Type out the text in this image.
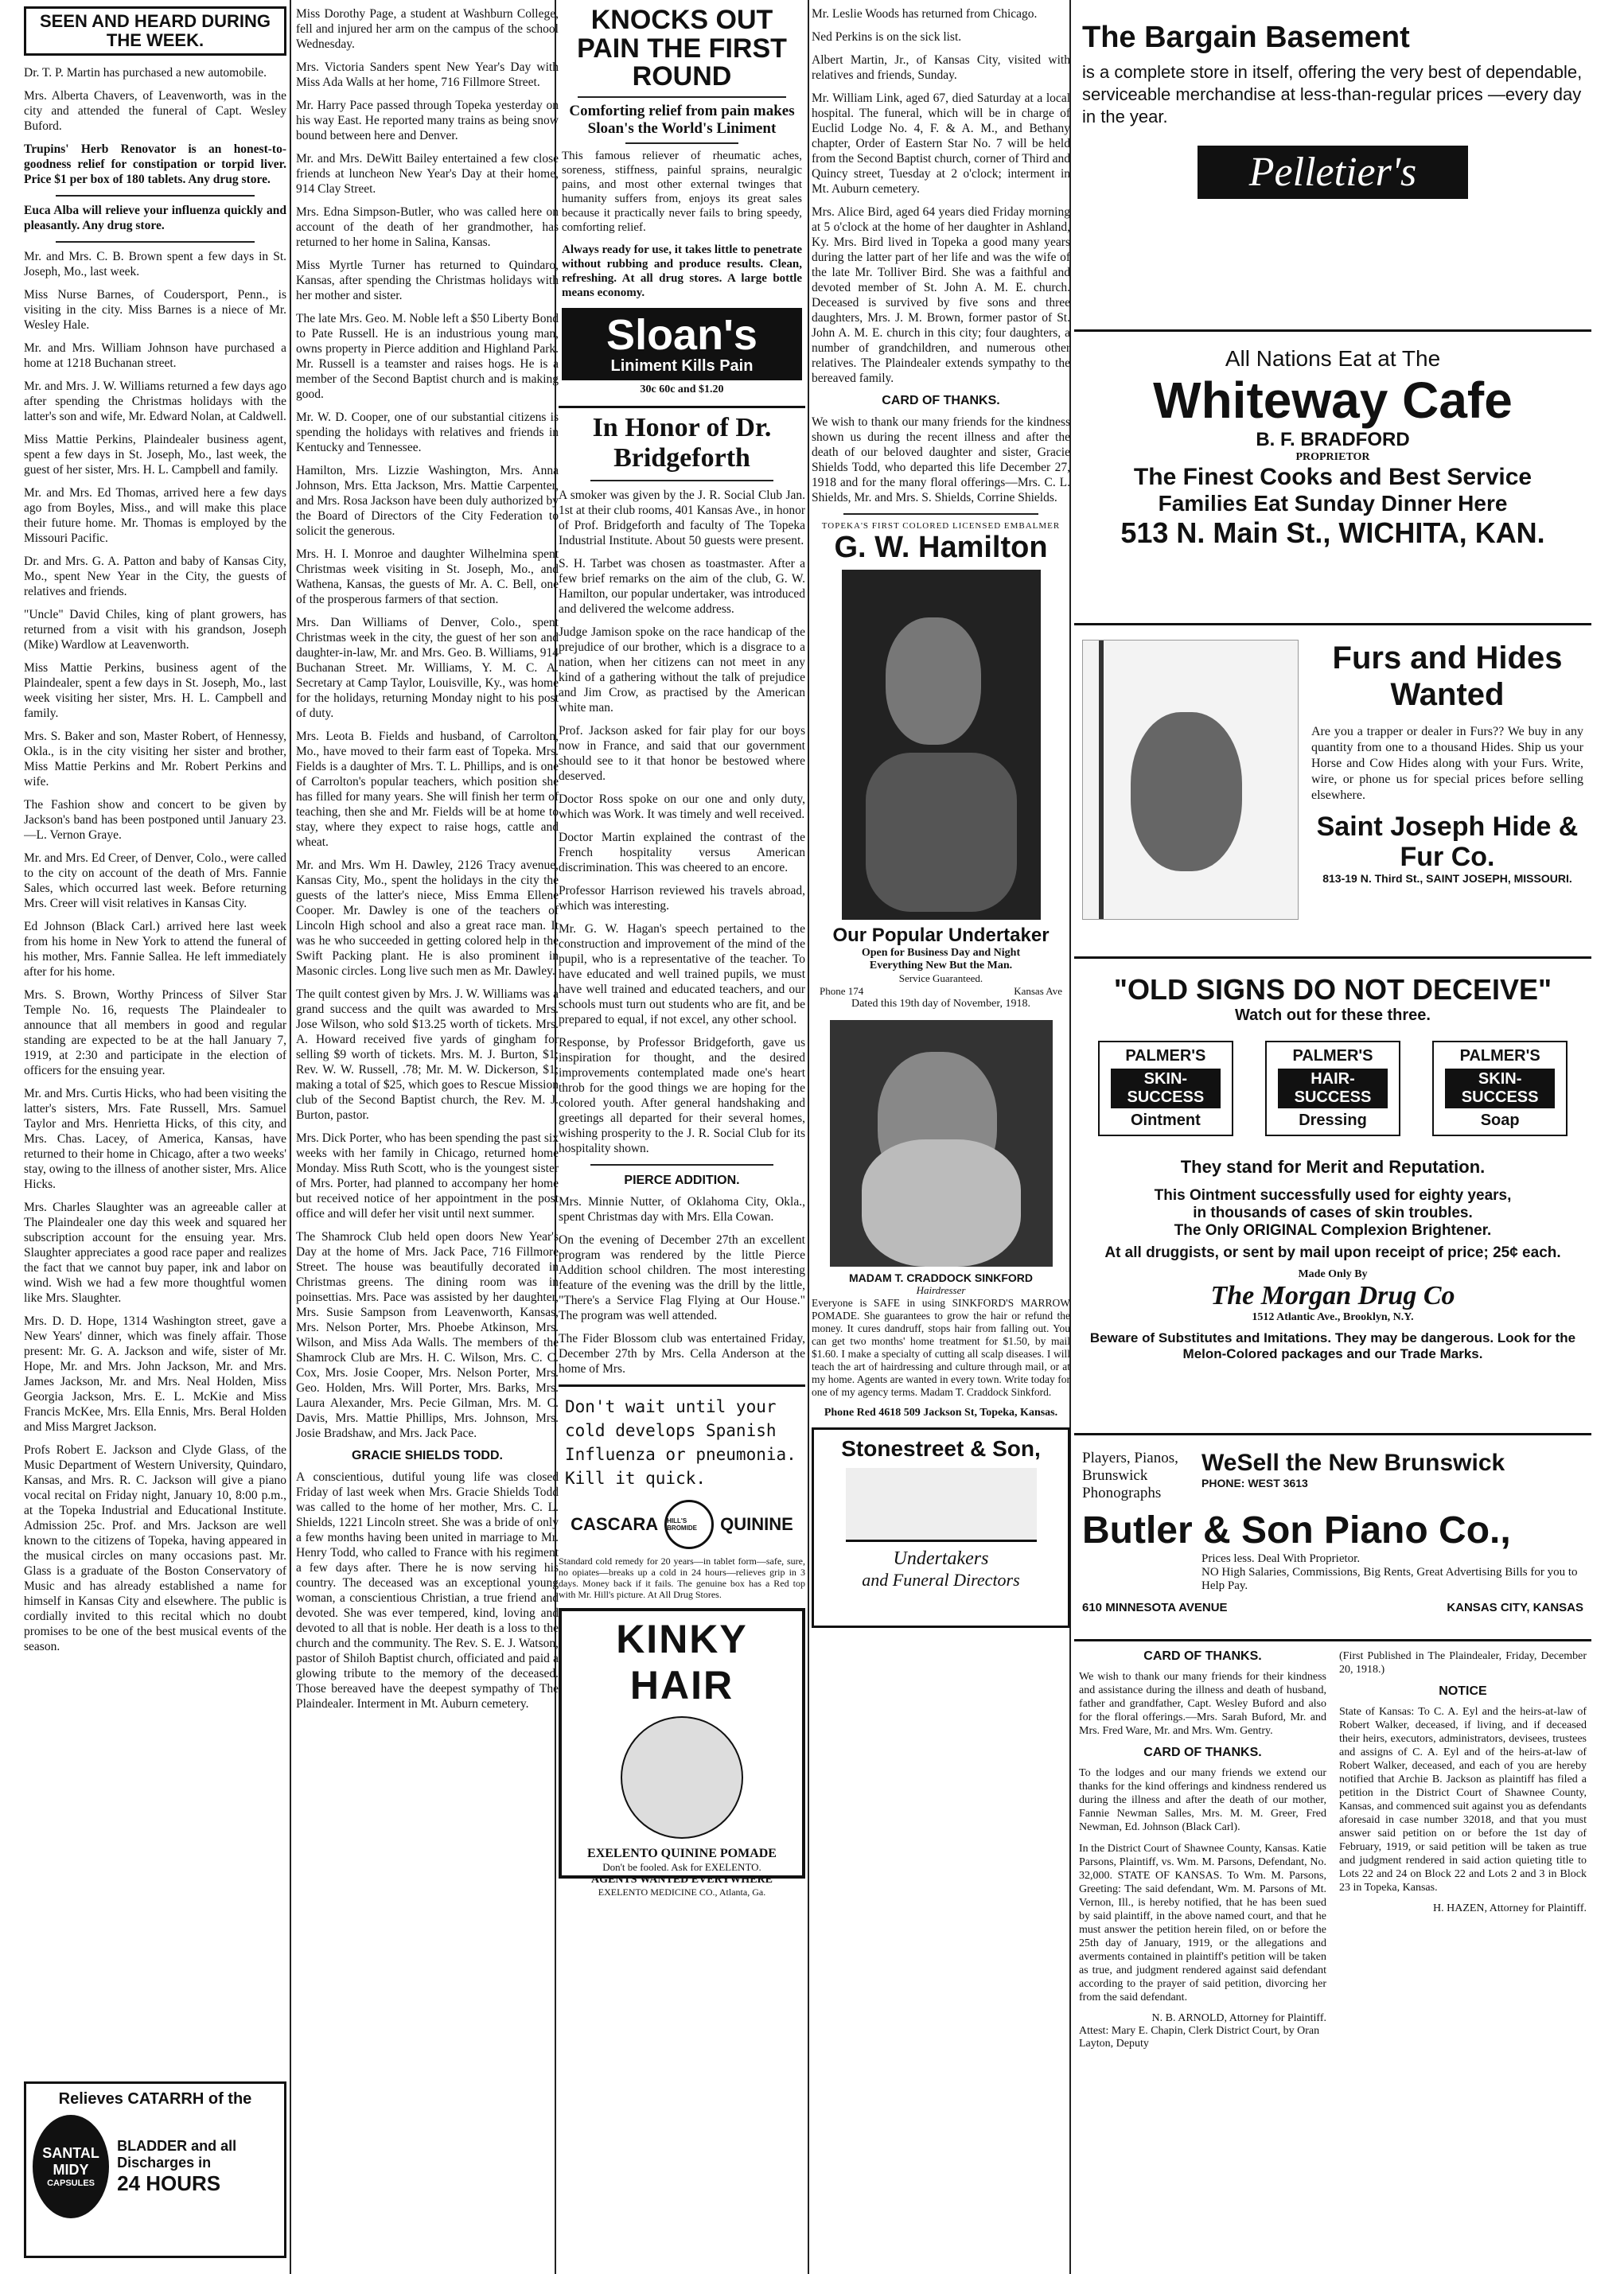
SEEN AND HEARD DURING THE WEEK.

Dr. T. P. Martin has purchased a new automobile.

Mrs. Alberta Chavers, of Leavenworth, was in the city and attended the funeral of Capt. Wesley Buford.

Trupins' Herb Renovator is an honest-to-goodness relief for constipation or torpid liver. Price $1 per box of 180 tablets. Any drug store.

Euca Alba will relieve your influenza quickly and pleasantly. Any drug store.

Mr. and Mrs. C. B. Brown spent a few days in St. Joseph, Mo., last week.

Miss Nurse Barnes, of Coudersport, Penn., is visiting in the city. Miss Barnes is a niece of Mr. Wesley Hale.

Mr. and Mrs. William Johnson have purchased a home at 1218 Buchanan street.

Mr. and Mrs. J. W. Williams returned a few days ago after spending the Christmas holidays with the latter's son and wife, Mr. Edward Nolan, at Caldwell.

Miss Mattie Perkins, Plaindealer business agent, spent a few days in St. Joseph, Mo., last week, the guest of her sister, Mrs. H. L. Campbell and family.

Mr. and Mrs. Ed Thomas, arrived here a few days ago from Boyles, Miss., and will make this place their future home. Mr. Thomas is employed by the Missouri Pacific.

Dr. and Mrs. G. A. Patton and baby of Kansas City, Mo., spent New Year in the City, the guests of relatives and friends.

"Uncle" David Chiles, king of plant growers, has returned from a visit with his grandson, Joseph (Mike) Wardlow at Leavenworth.

Miss Mattie Perkins, business agent of the Plaindealer, spent a few days in St. Joseph, Mo., last week visiting her sister, Mrs. H. L. Campbell and family.

Mrs. S. Baker and son, Master Robert, of Hennessy, Okla., is in the city visiting her sister and brother, Miss Mattie Perkins and Mr. Robert Perkins and wife.

The Fashion show and concert to be given by Jackson's band has been postponed until January 23.—L. Vernon Graye.

Mr. and Mrs. Ed Creer, of Denver, Colo., were called to the city on account of the death of Mrs. Fannie Sales, which occurred last week. Before returning Mrs. Creer will visit relatives in Kansas City.

Ed Johnson (Black Carl.) arrived here last week from his home in New York to attend the funeral of his mother, Mrs. Fannie Sallea. He left immediately after for his home.

Mrs. S. Brown, Worthy Princess of Silver Star Temple No. 16, requests The Plaindealer to announce that all members in good and regular standing are expected to be at the hall January 7, 1919, at 2:30 and participate in the election of officers for the ensuing year.

Mr. and Mrs. Curtis Hicks, who had been visiting the latter's sisters, Mrs. Fate Russell, Mrs. Samuel Taylor and Mrs. Henrietta Hicks, of this city, and Mrs. Chas. Lacey, of America, Kansas, have returned to their home in Chicago, after a two weeks' stay, owing to the illness of another sister, Mrs. Alice Hicks.

Mrs. Charles Slaughter was an agreeable caller at The Plaindealer one day this week and squared her subscription account for the ensuing year. Mrs. Slaughter appreciates a good race paper and realizes the fact that we cannot buy paper, ink and labor on wind. Wish we had a few more thoughtful women like Mrs. Slaughter.

Mrs. D. D. Hope, 1314 Washington street, gave a New Years' dinner, which was finely affair. Those present: Mr. G. A. Jackson and wife, sister of Mr. Hope, Mr. and Mrs. John Jackson, Mr. and Mrs. James Jackson, Mr. and Mrs. Neal Holden, Miss Georgia Jackson, Mrs. E. L. McKie and Miss Francis McKee, Mrs. Ella Ennis, Mrs. Beral Holden and Miss Margret Jackson.

Profs Robert E. Jackson and Clyde Glass, of the Music Department of Western University, Quindaro, Kansas, and Mrs. R. C. Jackson will give a piano vocal recital on Friday night, January 10, 8:00 p.m., at the Topeka Industrial and Educational Institute. Admission 25c. Prof. and Mrs. Jackson are well known to the citizens of Topeka, having appeared in the musical circles on many occasions past. Mr. Glass is a graduate of the Boston Conservatory of Music and has already established a name for himself in Kansas City and elsewhere. The public is cordially invited to this recital which no doubt promises to be one of the best musical events of the season.

Relieves CATARRH of the
SANTAL MIDY
CAPSULES
BLADDER and all Discharges in
24 HOURS

Miss Dorothy Page, a student at Washburn College, fell and injured her arm on the campus of the school Wednesday.

Mrs. Victoria Sanders spent New Year's Day with Miss Ada Walls at her home, 716 Fillmore Street.

Mr. Harry Pace passed through Topeka yesterday on his way East. He reported many trains as being snow bound between here and Denver.

Mr. and Mrs. DeWitt Bailey entertained a few close friends at luncheon New Year's Day at their home, 914 Clay Street.

Mrs. Edna Simpson-Butler, who was called here on account of the death of her grandmother, has returned to her home in Salina, Kansas.

Miss Myrtle Turner has returned to Quindaro, Kansas, after spending the Christmas holidays with her mother and sister.

The late Mrs. Geo. M. Noble left a $50 Liberty Bond to Pate Russell. He is an industrious young man, owns property in Pierce addition and Highland Park. Mr. Russell is a teamster and raises hogs. He is a member of the Second Baptist church and is making good.

Mr. W. D. Cooper, one of our substantial citizens is spending the holidays with relatives and friends in Kentucky and Tennessee.

Hamilton, Mrs. Lizzie Washington, Mrs. Anna Johnson, Mrs. Etta Jackson, Mrs. Mattie Carpenter, and Mrs. Rosa Jackson have been duly authorized by the Board of Directors of the City Federation to solicit the generous.

Mrs. H. I. Monroe and daughter Wilhelmina spent Christmas week visiting in St. Joseph, Mo., and Wathena, Kansas, the guests of Mr. A. C. Bell, one of the prosperous farmers of that section.

Mrs. Dan Williams of Denver, Colo., spent Christmas week in the city, the guest of her son and daughter-in-law, Mr. and Mrs. Geo. B. Williams, 914 Buchanan Street. Mr. Williams, Y. M. C. A. Secretary at Camp Taylor, Louisville, Ky., was home for the holidays, returning Monday night to his post of duty.

Mrs. Leota B. Fields and husband, of Carrolton, Mo., have moved to their farm east of Topeka. Mrs. Fields is a daughter of Mrs. T. L. Phillips, and is one of Carrolton's popular teachers, which position she has filled for many years. She will finish her term of teaching, then she and Mr. Fields will be at home to stay, where they expect to raise hogs, cattle and wheat.

Mr. and Mrs. Wm H. Dawley, 2126 Tracy avenue, Kansas City, Mo., spent the holidays in the city the guests of the latter's niece, Miss Emma Ellene Cooper. Mr. Dawley is one of the teachers of Lincoln High school and also a great race man. It was he who succeeded in getting colored help in the Swift Packing plant. He is also prominent in Masonic circles. Long live such men as Mr. Dawley.

The quilt contest given by Mrs. J. W. Williams was a grand success and the quilt was awarded to Mrs. Jose Wilson, who sold $13.25 worth of tickets. Mrs. A. Howard received five yards of gingham for selling $9 worth of tickets. Mrs. M. J. Burton, $1; Rev. W. W. Russell, .78; Mr. M. W. Dickerson, $1; making a total of $25, which goes to Rescue Mission club of the Second Baptist church, the Rev. M. J. Burton, pastor.

Mrs. Dick Porter, who has been spending the past six weeks with her family in Chicago, returned home Monday. Miss Ruth Scott, who is the youngest sister of Mrs. Porter, had planned to accompany her home but received notice of her appointment in the post office and will defer her visit until next summer.

The Shamrock Club held open doors New Year's Day at the home of Mrs. Jack Pace, 716 Fillmore Street. The house was beautifully decorated in Christmas greens. The dining room was in poinsettias. Mrs. Pace was assisted by her daughter, Mrs. Susie Sampson from Leavenworth, Kansas, Mrs. Nelson Porter, Mrs. Phoebe Atkinson, Mrs. Wilson, and Miss Ada Walls. The members of the Shamrock Club are Mrs. H. C. Wilson, Mrs. C. C. Cox, Mrs. Josie Cooper, Mrs. Nelson Porter, Mrs. Geo. Holden, Mrs. Will Porter, Mrs. Barks, Mrs. Laura Alexander, Mrs. Pecie Gilman, Mrs. M. C. Davis, Mrs. Mattie Phillips, Mrs. Johnson, Mrs. Josie Bradshaw, and Mrs. Jack Pace.

GRACIE SHIELDS TODD.

A conscientious, dutiful young life was closed Friday of last week when Mrs. Gracie Shields Todd was called to the home of her mother, Mrs. C. L. Shields, 1221 Lincoln street. She was a bride of only a few months having been united in marriage to Mr. Henry Todd, who called to France with his regiment a few days after. There he is now serving his country. The deceased was an exceptional young woman, a conscientious Christian, a true friend and devoted. She was ever tempered, kind, loving and devoted to all that is noble. Her death is a loss to the church and the community. The Rev. S. E. J. Watson, pastor of Shiloh Baptist church, officiated and paid a glowing tribute to the memory of the deceased. Those bereaved have the deepest sympathy of The Plaindealer. Interment in Mt. Auburn cemetery.

KNOCKS OUT PAIN THE FIRST ROUND
Comforting relief from pain makes Sloan's the World's Liniment

This famous reliever of rheumatic aches, soreness, stiffness, painful sprains, neuralgic pains, and most other external twinges that humanity suffers from, enjoys its great sales because it practically never fails to bring speedy, comforting relief.

Always ready for use, it takes little to penetrate without rubbing and produce results. Clean, refreshing. At all drug stores. A large bottle means economy.

Sloan's
Liniment Kills Pain
30c 60c and $1.20
In Honor of Dr. Bridgeforth

A smoker was given by the J. R. Social Club Jan. 1st at their club rooms, 401 Kansas Ave., in honor of Prof. Bridgeforth and faculty of The Topeka Industrial Institute. About 50 guests were present.

S. H. Tarbet was chosen as toastmaster. After a few brief remarks on the aim of the club, G. W. Hamilton, our popular undertaker, was introduced and delivered the welcome address.

Judge Jamison spoke on the race handicap of the prejudice of our brother, which is a disgrace to a nation, when her citizens can not meet in any kind of a gathering without the talk of prejudice and Jim Crow, as practised by the American white man.

Prof. Jackson asked for fair play for our boys now in France, and said that our government should see to it that honor be bestowed where deserved.

Doctor Ross spoke on our one and only duty, which was Work. It was timely and well received.

Doctor Martin explained the contrast of the French hospitality versus American discrimination. This was cheered to an encore.

Professor Harrison reviewed his travels abroad, which was interesting.

Mr. G. W. Hagan's speech pertained to the construction and improvement of the mind of the pupil, who is a representative of the teacher. To have educated and well trained pupils, we must have well trained and educated teachers, and our schools must turn out students who are fit, and be prepared to equal, if not excel, any other school.

Response, by Professor Bridgeforth, gave us inspiration for thought, and the desired improvements contemplated made one's heart throb for the good things we are hoping for the colored youth. After general handshaking and greetings all departed for their several homes, wishing prosperity to the J. R. Social Club for its hospitality shown.

PIERCE ADDITION.

Mrs. Minnie Nutter, of Oklahoma City, Okla., spent Christmas day with Mrs. Ella Cowan.

On the evening of December 27th an excellent program was rendered by the little Pierce Addition school children. The most interesting feature of the evening was the drill by the little, "There's a Service Flag Flying at Our House." The program was well attended.

The Fider Blossom club was entertained Friday, December 27th by Mrs. Cella Anderson at the home of Mrs.

Don't wait until your cold develops Spanish Influenza or pneumonia. Kill it quick.
CASCARA	HILL'S BROMIDE	QUININE

Standard cold remedy for 20 years—in tablet form—safe, sure, no opiates—breaks up a cold in 24 hours—relieves grip in 3 days. Money back if it fails. The genuine box has a Red top with Mr. Hill's picture. At All Drug Stores.

KINKY HAIR
EXELENTO QUININE POMADE
Don't be fooled. Ask for EXELENTO.
AGENTS WANTED EVERYWHERE
EXELENTO MEDICINE CO., Atlanta, Ga.

Mr. Leslie Woods has returned from Chicago.

Ned Perkins is on the sick list.

Albert Martin, Jr., of Kansas City, visited with relatives and friends, Sunday.

Mr. William Link, aged 67, died Saturday at a local hospital. The funeral, which will be in charge of Euclid Lodge No. 4, F. & A. M., and Bethany chapter, Order of Eastern Star No. 7 will be held from the Second Baptist church, corner of Third and Quincy street, Tuesday at 2 o'clock; interment in Mt. Auburn cemetery.

Mrs. Alice Bird, aged 64 years died Friday morning at 5 o'clock at the home of her daughter in Ashland, Ky. Mrs. Bird lived in Topeka a good many years during the latter part of her life and was the wife of the late Mr. Tolliver Bird. She was a faithful and devoted member of St. John A. M. E. church. Deceased is survived by five sons and three daughters, Mrs. J. M. Brown, former pastor of St. John A. M. E. church in this city; four daughters, a number of grandchildren, and numerous other relatives. The Plaindealer extends sympathy to the bereaved family.

CARD OF THANKS.

We wish to thank our many friends for the kindness shown us during the recent illness and after the death of our beloved daughter and sister, Gracie Shields Todd, who departed this life December 27, 1918 and for the many floral offerings—Mrs. C. L. Shields, Mr. and Mrs. S. Shields, Corrine Shields.

TOPEKA'S FIRST COLORED LICENSED EMBALMER
G. W. Hamilton
Our Popular Undertaker
Open for Business Day and Night
Everything New But the Man.
Service Guaranteed.
Phone 174	Kansas Ave
Dated this 19th day of November, 1918.
MADAM T. CRADDOCK SINKFORD
Hairdresser

Everyone is SAFE in using SINKFORD'S MARROW POMADE. She guarantees to grow the hair or refund the money. It cures dandruff, stops hair from falling out. You can get two months' home treatment for $1.50, by mail $1.60. I make a specialty of cutting all scalp diseases. I will teach the art of hairdressing and culture through mail, or at my home. Agents are wanted in every town. Write today for one of my agency terms. Madam T. Craddock Sinkford.

Phone Red 4618 509 Jackson St, Topeka, Kansas.
Stonestreet & Son,
Undertakers
and Funeral Directors
The Bargain Basement
is a complete store in itself, offering the very best of dependable, serviceable merchandise at less-than-regular prices —every day in the year.
Pelletier's
All Nations Eat at The
Whiteway Cafe
B. F. BRADFORD
PROPRIETOR
The Finest Cooks and Best Service
Families Eat Sunday Dinner Here
513 N. Main St., WICHITA, KAN.
Furs and Hides Wanted

Are you a trapper or dealer in Furs?? We buy in any quantity from one to a thousand Hides. Ship us your Horse and Cow Hides along with your Furs. Write, wire, or phone us for special prices before selling elsewhere.

Saint Joseph Hide & Fur Co.
813-19 N. Third St., SAINT JOSEPH, MISSOURI.
"OLD SIGNS DO NOT DECEIVE"
Watch out for these three.
PALMER'S
SKIN-SUCCESS
Ointment
PALMER'S
HAIR-SUCCESS
Dressing
PALMER'S
SKIN-SUCCESS
Soap
They stand for Merit and Reputation.
This Ointment successfully used for eighty years,
in thousands of cases of skin troubles.
The Only ORIGINAL Complexion Brightener.
At all druggists, or sent by mail upon receipt of price; 25¢ each.
Made Only By
The Morgan Drug Co
1512 Atlantic Ave., Brooklyn, N.Y.
Beware of Substitutes and Imitations. They may be dangerous. Look for the Melon-Colored packages and our Trade Marks.
Players, Pianos, Brunswick Phonographs
WeSell the New Brunswick
PHONE: WEST 3613
Butler & Son Piano Co.,
Prices less. Deal With Proprietor.
NO High Salaries, Commissions, Big Rents, Great Advertising Bills for you to Help Pay.
610 MINNESOTA AVENUE	KANSAS CITY, KANSAS
CARD OF THANKS.

We wish to thank our many friends for their kindness and assistance during the illness and death of husband, father and grandfather, Capt. Wesley Buford and also for the floral offerings.—Mrs. Sarah Buford, Mr. and Mrs. Fred Ware, Mr. and Mrs. Wm. Gentry.

CARD OF THANKS.

To the lodges and our many friends we extend our thanks for the kind offerings and kindness rendered us during the illness and after the death of our mother, Fannie Newman Salles, Mrs. M. M. Greer, Fred Newman, Ed. Johnson (Black Carl).

In the District Court of Shawnee County, Kansas. Katie Parsons, Plaintiff, vs. Wm. M. Parsons, Defendant, No. 32,000. STATE OF KANSAS. To Wm. M. Parsons, Greeting: The said defendant, Wm. M. Parsons of Mt. Vernon, Ill., is hereby notified, that he has been sued by said plaintiff, in the above named court, and that he must answer the petition herein filed, on or before the 25th day of January, 1919, or the allegations and averments contained in plaintiff's petition will be taken as true, and judgment rendered against said defendant according to the prayer of said petition, divorcing her from the said defendant.

N. B. ARNOLD, Attorney for Plaintiff.
Attest: Mary E. Chapin, Clerk District Court, by Oran Layton, Deputy

(First Published in The Plaindealer, Friday, December 20, 1918.)

NOTICE

State of Kansas: To C. A. Eyl and the heirs-at-law of Robert Walker, deceased, if living, and if deceased their heirs, executors, administrators, devisees, trustees and assigns of C. A. Eyl and of the heirs-at-law of Robert Walker, deceased, and each of you are hereby notified that Archie B. Jackson as plaintiff has filed a petition in the District Court of Shawnee County, Kansas, and commenced suit against you as defendants aforesaid in case number 32018, and that you must answer said petition on or before the 1st day of February, 1919, or said petition will be taken as true and judgment rendered in said action quieting title to Lots 22 and 24 on Block 22 and Lots 2 and 3 in Block 23 in Topeka, Kansas.

H. HAZEN, Attorney for Plaintiff.
